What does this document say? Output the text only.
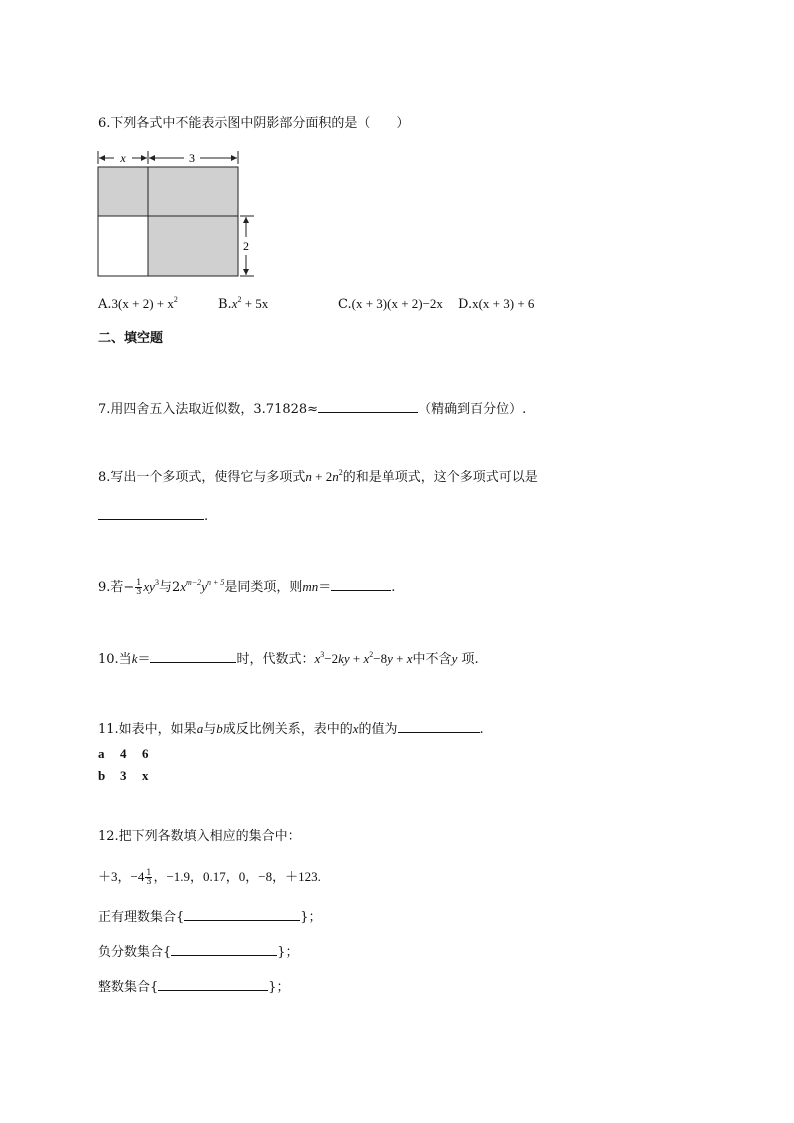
6.下列各式中不能表示图中阴影部分面积的是（　　）
x	3
2
$A.3(x + 2) + x^2$	$B.x^2 + 5x$	C.(x + 3)(x + 2)−2x D.x(x + 3) + 6
二、填空题
7.用四舍五入法取近似数，3.71828≈	（精确到百分位）.
8.写出一个多项式，使得它与多项式$n + 2n^2$的和是单项式，这个多项式可以是
.
9.若− $\frac{1}{3} xy^3$与$2x^{m-2}y^{n + 5}$是同类项，则mn＝	.
10.当k＝	时，代数式：$x^3-2ky + x^2-8y + x$中不含y 项.
11.如表中，如果a与b成反比例关系，表中的x的值为	.
a 4 6
b 3 x
12.把下列各数填入相应的集合中：
＋3，$-4 \frac{1}{3}$ ，−1.9，0.17，0，−8，＋123.
正有理数集合{	}；
负分数集合{	}；
整数集合{	}；
